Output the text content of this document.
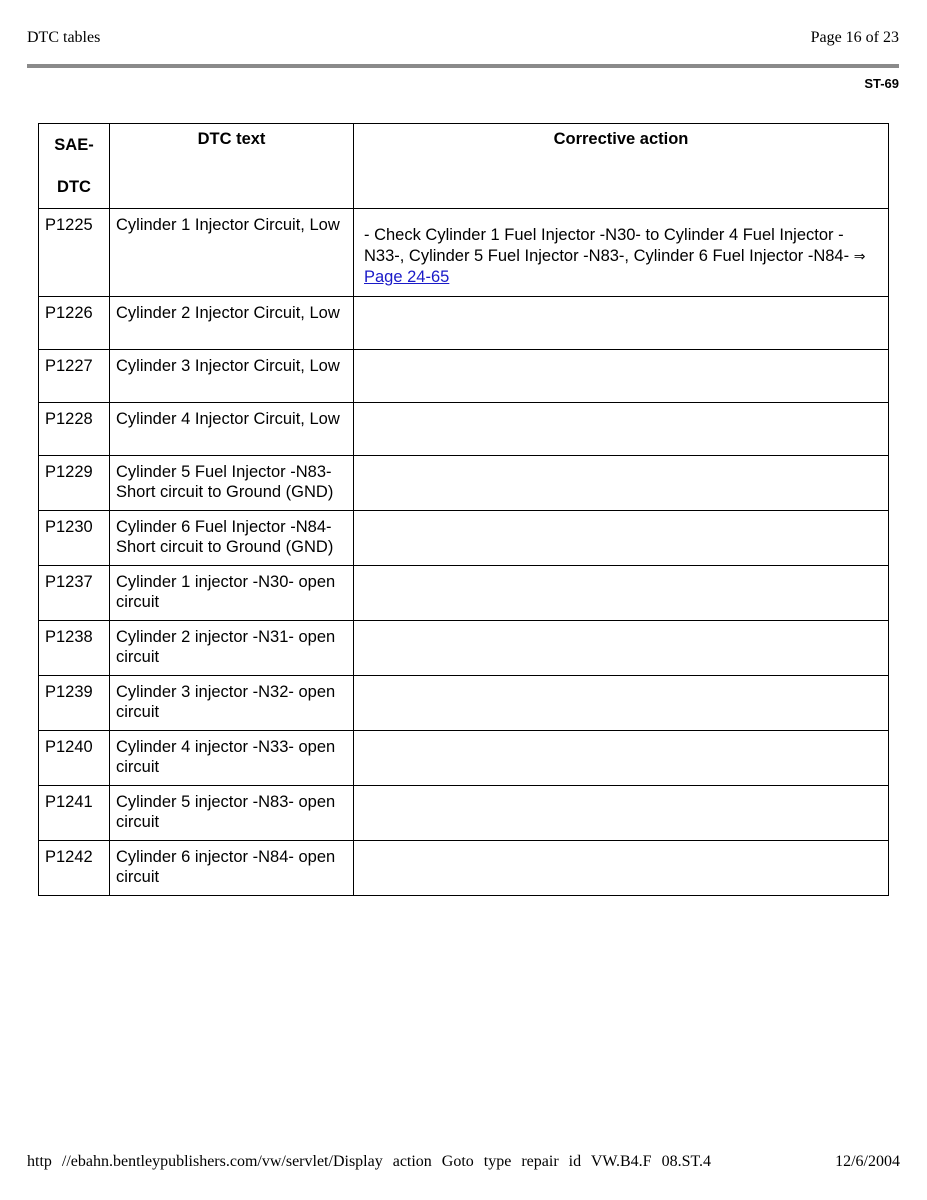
DTC tables	Page 16 of 23
ST-69
SAE-
DTC	DTC text	Corrective action
P1225	Cylinder 1 Injector Circuit, Low	- Check Cylinder 1 Fuel Injector -N30- to Cylinder 4 Fuel Injector -N33-, Cylinder 5 Fuel Injector -N83-, Cylinder 6 Fuel Injector -N84- ⇒ Page 24-65
P1226	Cylinder 2 Injector Circuit, Low	
P1227	Cylinder 3 Injector Circuit, Low	
P1228	Cylinder 4 Injector Circuit, Low	
P1229	Cylinder 5 Fuel Injector -N83- Short circuit to Ground (GND)	
P1230	Cylinder 6 Fuel Injector -N84- Short circuit to Ground (GND)	
P1237	Cylinder 1 injector -N30- open circuit	
P1238	Cylinder 2 injector -N31- open circuit	
P1239	Cylinder 3 injector -N32- open circuit	
P1240	Cylinder 4 injector -N33- open circuit	
P1241	Cylinder 5 injector -N83- open circuit	
P1242	Cylinder 6 injector -N84- open circuit	
http //ebahn.bentleypublishers.com/vw/servlet/Display action Goto type repair id VW.B4.F 08.ST.4	12/6/2004
